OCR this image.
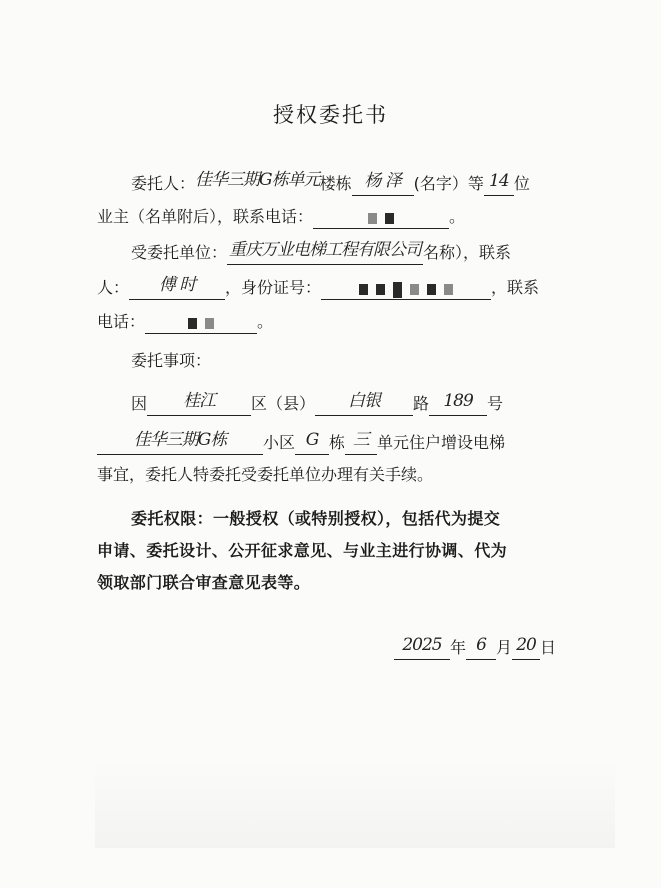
授权委托书
委托人：佳华三期G栋单元楼栋 杨 泽 (名字）等 14 位
业主（名单附后），联系电话：	。
受委托单位： 重庆万业电梯工程有限公司 名称），联系
人： 傅 时 ，身份证号：	，联系
电话：	。
委托事项：
因 桂江 区（县） 白银 路 189 号
佳华三期G栋 小区 G 栋 三 单元住户增设电梯
事宜，委托人特委托受委托单位办理有关手续。
委托权限：一般授权（或特别授权），包括代为提交
申请、委托设计、公开征求意见、与业主进行协调、代为
领取部门联合审查意见表等。
2025 年 6 月 20 日
